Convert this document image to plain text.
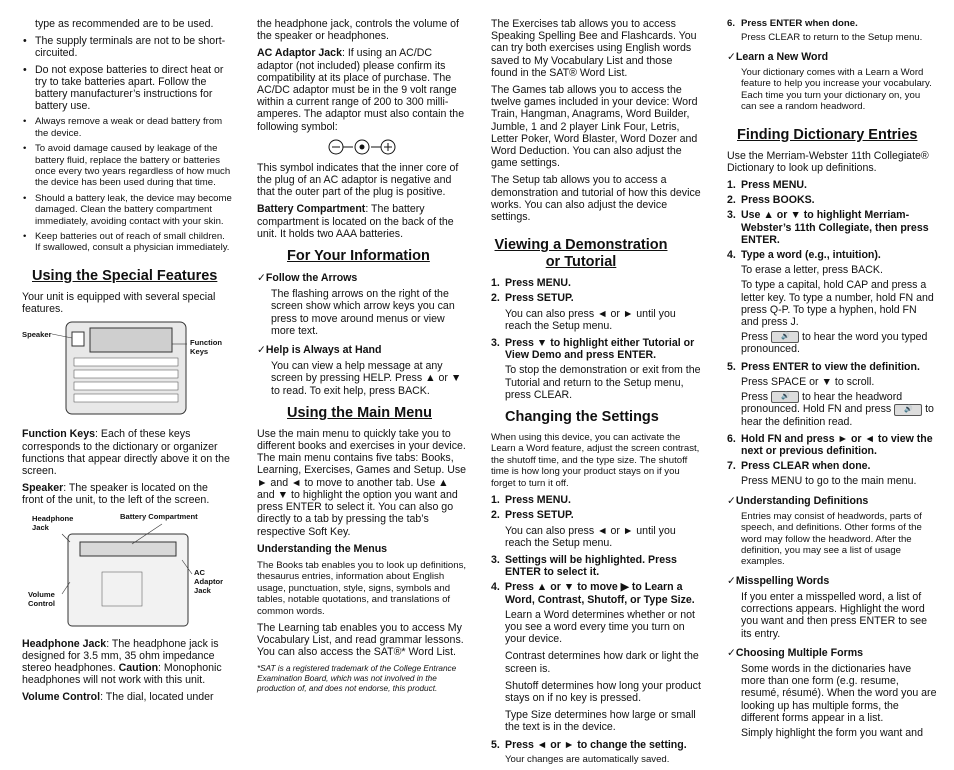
type as recommended are to be used.

• The supply terminals are not to be short-circuited.
• Do not expose batteries to direct heat or try to take batteries apart. Follow the battery manufacturer’s instructions for battery use.
• Always remove a weak or dead battery from the device.
• To avoid damage caused by leakage of the battery fluid, replace the battery or batteries once every two years regardless of how much the device has been used during that time.
• Should a battery leak, the device may become damaged. Clean the battery compartment immediately, avoiding contact with your skin.
• Keep batteries out of reach of small children. If swallowed, consult a physician immediately.
Using the Special Features

Your unit is equipped with several special features.

Speaker
Function Keys

Function Keys: Each of these keys corresponds to the dictionary or organizer functions that appear directly above it on the screen.

Speaker: The speaker is located on the front of the unit, to the left of the screen.

Headphone Jack
Battery Compartment
AC Adaptor Jack
Volume Control

Headphone Jack: The headphone jack is designed for 3.5 mm, 35 ohm impedance stereo headphones. Caution: Monophonic headphones will not work with this unit.

Volume Control: The dial, located under

the headphone jack, controls the volume of the speaker or headphones.

AC Adaptor Jack: If using an AC/DC adaptor (not included) please confirm its compatibility at its place of purchase. The AC/DC adaptor must be in the 9 volt range within a current range of 200 to 300 milli-amperes. The adaptor must also contain the following symbol:

This symbol indicates that the inner core of the plug of an AC adaptor is negative and that the outer part of the plug is positive.

Battery Compartment: The battery compartment is located on the back of the unit. It holds two AAA batteries.

For Your Information
✓ Follow the Arrows

The flashing arrows on the right of the screen show which arrow keys you can press to move around menus or view more text.

✓ Help is Always at Hand

You can view a help message at any screen by pressing HELP. Press ▲ or ▼ to read. To exit help, press BACK.

Using the Main Menu

Use the main menu to quickly take you to different books and exercises in your device. The main menu contains five tabs: Books, Learning, Exercises, Games and Setup. Use ► and ◄ to move to another tab. Use ▲ and ▼ to highlight the option you want and press ENTER to select it. You can also go directly to a tab by pressing the tab’s respective Soft Key.

Understanding the Menus

The Books tab enables you to look up definitions, thesaurus entries, information about English usage, punctuation, style, signs, symbols and tables, notable quotations, and translations of common words.

The Learning tab enables you to access My Vocabulary List, and read grammar lessons. You can also access the SAT®* Word List.

*SAT is a registered trademark of the College Entrance Examination Board, which was not involved in the production of, and does not endorse, this product.

The Exercises tab allows you to access Speaking Spelling Bee and Flashcards. You can try both exercises using English words saved to My Vocabulary List and those found in the SAT® Word List.

The Games tab allows you to access the twelve games included in your device: Word Train, Hangman, Anagrams, Word Builder, Jumble, 1 and 2 player Link Four, Letris, Letter Poker, Word Blaster, Word Dozer and Word Deduction. You can also adjust the game settings.

The Setup tab allows you to access a demonstration and tutorial of how this device works. You can also adjust the device settings.

Viewing a Demonstration or Tutorial
1. Press MENU.
2. Press SETUP.

You can also press ◄ or ► until you reach the Setup menu.

3. Press ▼ to highlight either Tutorial or View Demo and press ENTER.

To stop the demonstration or exit from the Tutorial and return to the Setup menu, press CLEAR.

Changing the Settings

When using this device, you can activate the Learn a Word feature, adjust the screen contrast, the shutoff time, and the type size. The shutoff time is how long your product stays on if you forget to turn it off.

1. Press MENU.
2. Press SETUP.

You can also press ◄ or ► until you reach the Setup menu.

3. Settings will be highlighted. Press ENTER to select it.
4. Press ▲ or ▼ to move ▶ to Learn a Word, Contrast, Shutoff, or Type Size.

Learn a Word determines whether or not you see a word every time you turn on your device.

Contrast determines how dark or light the screen is.

Shutoff determines how long your product stays on if no key is pressed.

Type Size determines how large or small the text is in the device.

5. Press ◄ or ► to change the setting.

Your changes are automatically saved.

6. Press ENTER when done.

Press CLEAR to return to the Setup menu.

✓ Learn a New Word

Your dictionary comes with a Learn a Word feature to help you increase your vocabulary. Each time you turn your dictionary on, you can see a random headword.

Finding Dictionary Entries

Use the Merriam-Webster 11th Collegiate® Dictionary to look up definitions.

1. Press MENU.
2. Press BOOKS.
3. Use ▲ or ▼ to highlight Merriam-Webster’s 11th Collegiate, then press ENTER.
4. Type a word (e.g., intuition).

To erase a letter, press BACK.

To type a capital, hold CAP and press a letter key. To type a number, hold FN and press Q-P. To type a hyphen, hold FN and press J.

Press 🔊	to hear the word you typed pronounced.

5. Press ENTER to view the definition.

Press SPACE or ▼ to scroll.

Press 🔊	to hear the headword pronounced. Hold FN and press 🔊	to hear the definition read.

6. Hold FN and press ► or ◄ to view the next or previous definition.
7. Press CLEAR when done.

Press MENU to go to the main menu.

✓ Understanding Definitions

Entries may consist of headwords, parts of speech, and definitions. Other forms of the word may follow the headword. After the definition, you may see a list of usage examples.

✓ Misspelling Words

If you enter a misspelled word, a list of corrections appears. Highlight the word you want and then press ENTER to see its entry.

✓ Choosing Multiple Forms

Some words in the dictionaries have more than one form (e.g. resume, resumé, résumé). When the word you are looking up has multiple forms, the different forms appear in a list.

Simply highlight the form you want and
